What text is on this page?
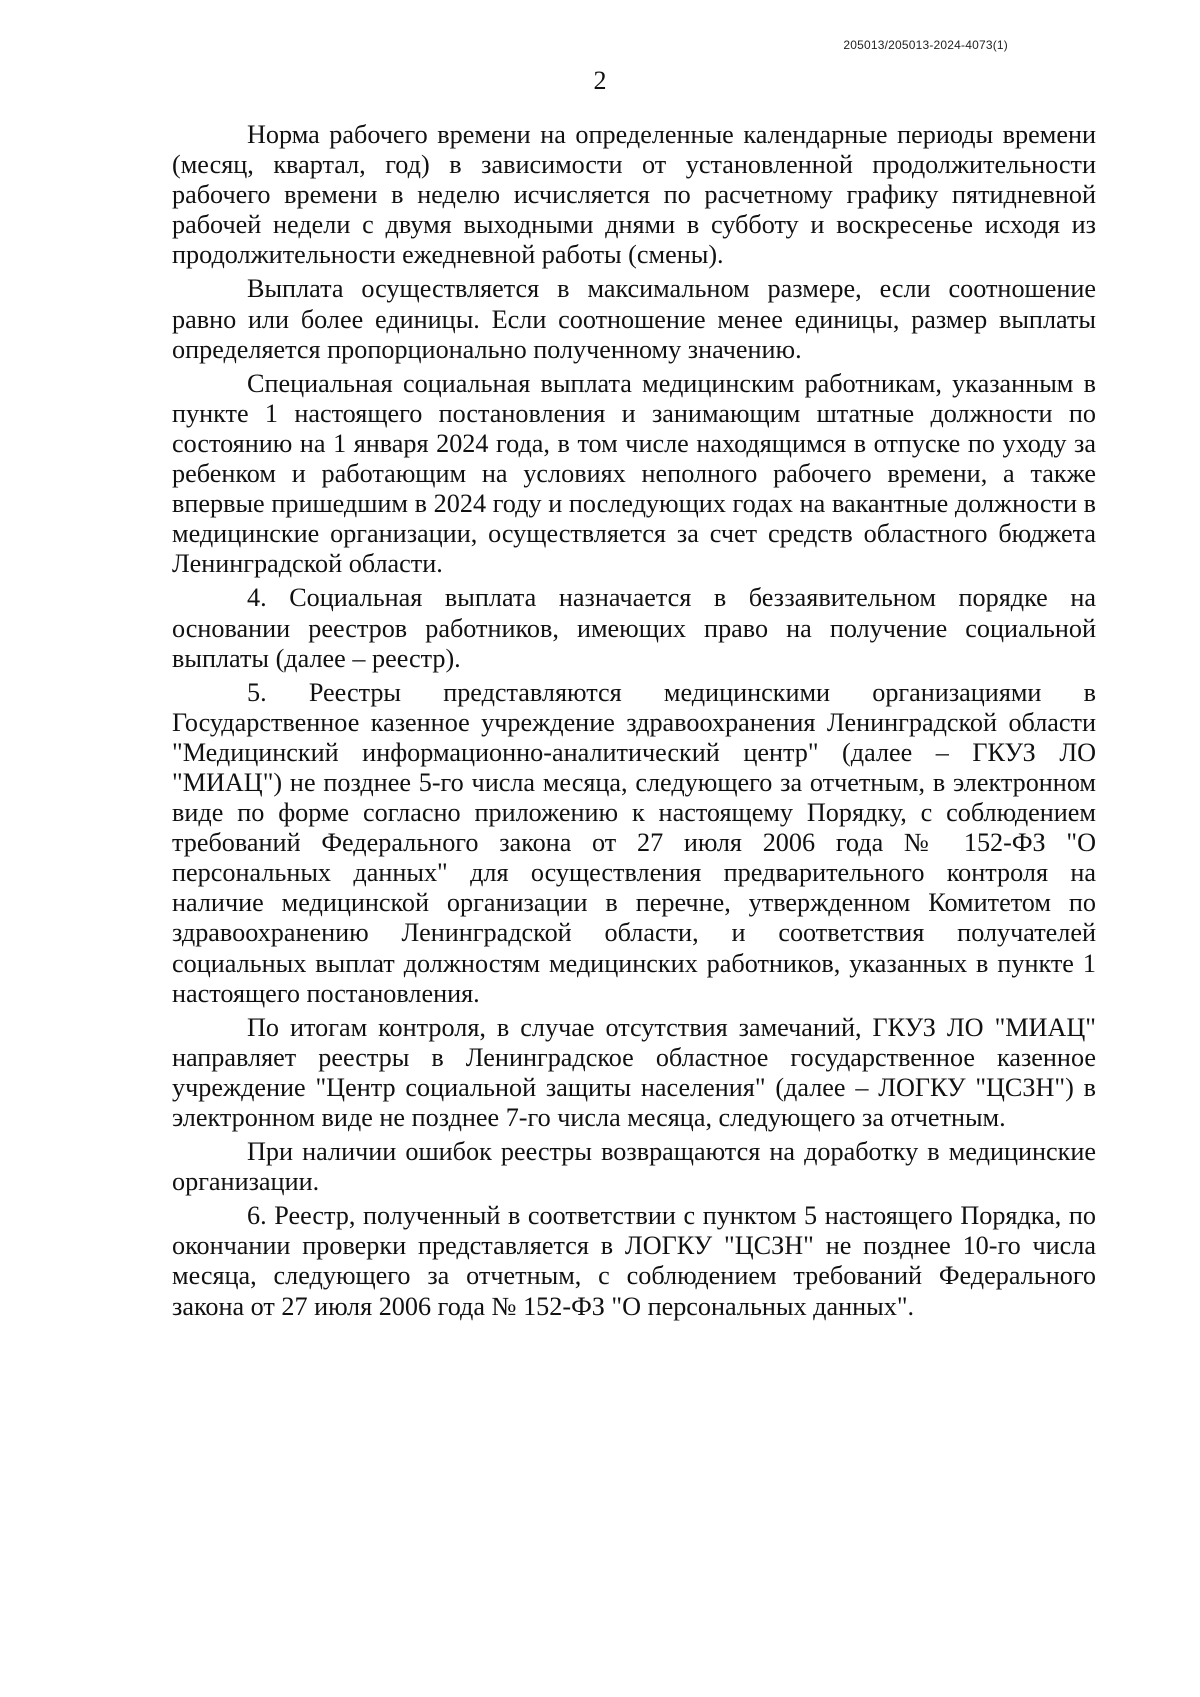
205013/205013-2024-4073(1)
2

Норма рабочего времени на определенные календарные периоды времени (месяц, квартал, год) в зависимости от установленной продолжительности рабочего времени в неделю исчисляется по расчетному графику пятидневной рабочей недели с двумя выходными днями в субботу и воскресенье исходя из продолжительности ежедневной работы (смены).

Выплата осуществляется в максимальном размере, если соотношение равно или более единицы. Если соотношение менее единицы, размер выплаты определяется пропорционально полученному значению.

Специальная социальная выплата медицинским работникам, указанным в пункте 1 настоящего постановления и занимающим штатные должности по состоянию на 1 января 2024 года, в том числе находящимся в отпуске по уходу за ребенком и работающим на условиях неполного рабочего времени, а также впервые пришедшим в 2024 году и последующих годах на вакантные должности в медицинские организации, осуществляется за счет средств областного бюджета Ленинградской области.

4. Социальная выплата назначается в беззаявительном порядке на основании реестров работников, имеющих право на получение социальной выплаты (далее – реестр).

5. Реестры представляются медицинскими организациями в Государственное казенное учреждение здравоохранения Ленинградской области "Медицинский информационно-аналитический центр" (далее – ГКУЗ ЛО "МИАЦ") не позднее 5-го числа месяца, следующего за отчетным, в электронном виде по форме согласно приложению к настоящему Порядку, с соблюдением требований Федерального закона от 27 июля 2006 года № 152-ФЗ "О персональных данных" для осуществления предварительного контроля на наличие медицинской организации в перечне, утвержденном Комитетом по здравоохранению Ленинградской области, и соответствия получателей социальных выплат должностям медицинских работников, указанных в пункте 1 настоящего постановления.

По итогам контроля, в случае отсутствия замечаний, ГКУЗ ЛО "МИАЦ" направляет реестры в Ленинградское областное государственное казенное учреждение "Центр социальной защиты населения" (далее – ЛОГКУ "ЦСЗН") в электронном виде не позднее 7-го числа месяца, следующего за отчетным.

При наличии ошибок реестры возвращаются на доработку в медицинские организации.

6. Реестр, полученный в соответствии с пунктом 5 настоящего Порядка, по окончании проверки представляется в ЛОГКУ "ЦСЗН" не позднее 10-го числа месяца, следующего за отчетным, с соблюдением требований Федерального закона от 27 июля 2006 года № 152-ФЗ "О персональных данных".
